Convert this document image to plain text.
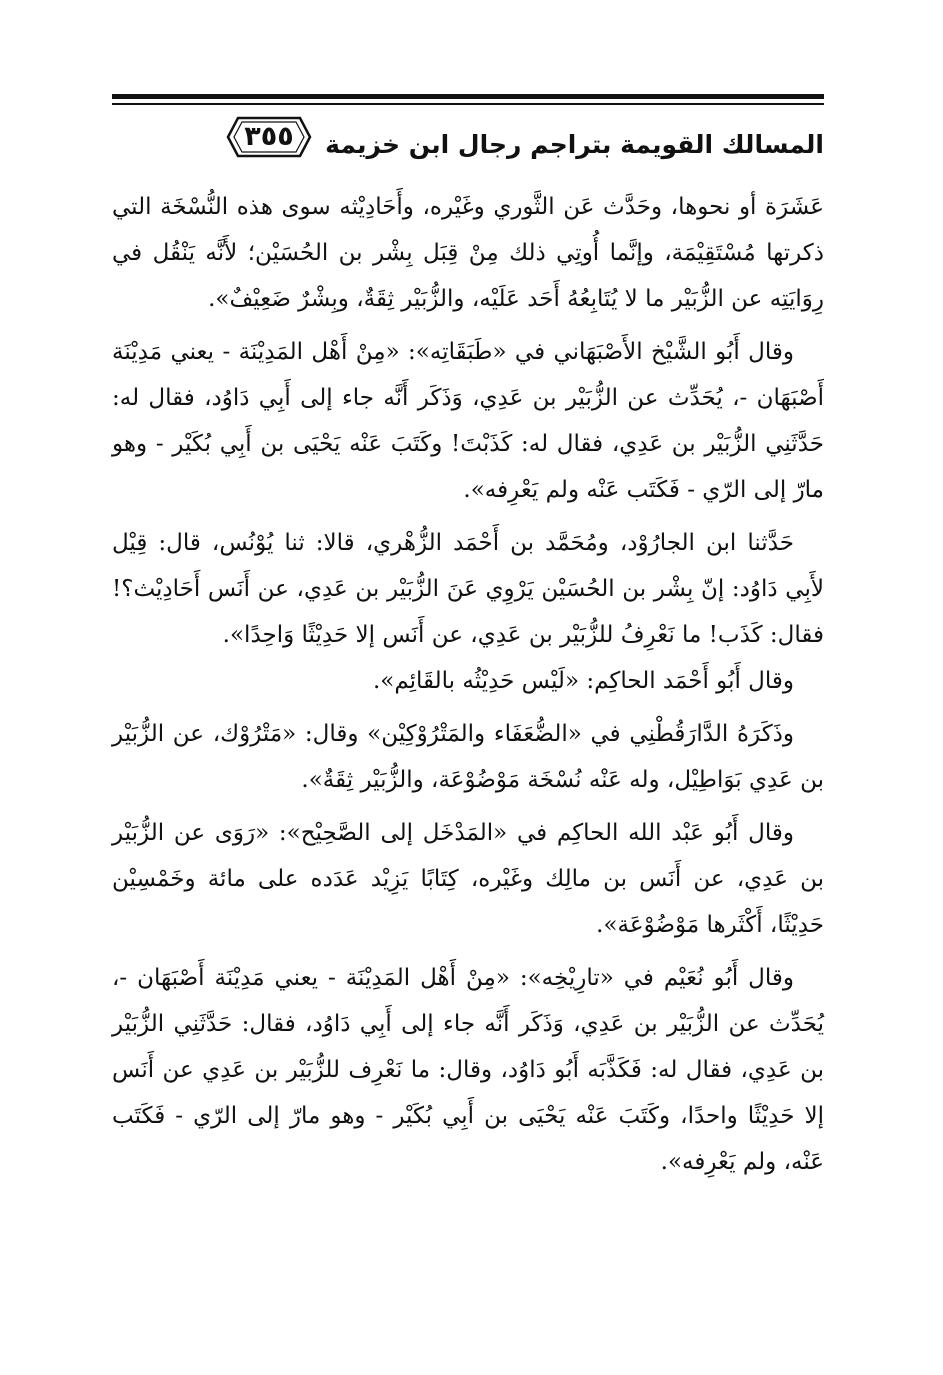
٣٥٥	المسالك القويمة بتراجم رجال ابن خزيمة

عَشَرَة أو نحوها، وحَدَّث عَن الثَّوري وغَيْره، وأَحَادِيْثه سوى هذه النُّسْخَة التي ذكرتها مُسْتَقِيْمَة، وإنَّما أُوتِي ذلك مِنْ قِبَل بِشْر بن الحُسَيْن؛ لأَنَّه يَنْقُل في رِوَايَتِه عن الزُّبَيْر ما لا يُتَابِعُهُ أَحَد عَلَيْه، والزُّبَيْر ثِقَةٌ، وبِشْرٌ ضَعِيْفٌ».

وقال أَبُو الشَّيْخ الأَصْبَهَاني في «طَبَقَاتِه»: «مِنْ أَهْل المَدِيْنَة - يعني مَدِيْنَة أَصْبَهَان -، يُحَدِّث عن الزُّبَيْر بن عَدِي، وَذَكَر أَنَّه جاء إلى أَبِي دَاوُد، فقال له: حَدَّثَنِي الزُّبَيْر بن عَدِي، فقال له: كَذَبْتَ! وكَتَبَ عَنْه يَحْيَى بن أَبِي بُكَيْر - وهو مارّ إلى الرّي - فَكَتَب عَنْه ولم يَعْرِفه».

حَدَّثنا ابن الجارُوْد، ومُحَمَّد بن أَحْمَد الزُّهْري، قالا: ثنا يُوْنُس، قال: قِيْل لأَبِي دَاوُد: إنّ بِشْر بن الحُسَيْن يَرْوِي عَنَ الزُّبَيْر بن عَدِي، عن أَنَس أَحَادِيْث؟! فقال: كَذَب! ما نَعْرِفُ للزُّبَيْر بن عَدِي، عن أَنَس إلا حَدِيْثًا وَاحِدًا».

وقال أَبُو أَحْمَد الحاكِم: «لَيْس حَدِيْثُه بالقَائِم».

وذَكَرَهُ الدَّارَقُطْنِي في «الضُّعَفَاء والمَتْرُوْكِيْن» وقال: «مَتْرُوْك، عن الزُّبَيْر بن عَدِي بَوَاطِيْل، وله عَنْه نُسْخَة مَوْضُوْعَة، والزُّبَيْر ثِقَةٌ».

وقال أَبُو عَبْد الله الحاكِم في «المَدْخَل إلى الصَّحِيْح»: «رَوَى عن الزُّبَيْر بن عَدِي، عن أَنَس بن مالِك وغَيْره، كِتَابًا يَزِيْد عَدَده على مائة وخَمْسِيْن حَدِيْثًا، أَكْثَرها مَوْضُوْعَة».

وقال أَبُو نُعَيْم في «تارِيْخِه»: «مِنْ أَهْل المَدِيْنَة - يعني مَدِيْنَة أَصْبَهَان -، يُحَدِّث عن الزُّبَيْر بن عَدِي، وَذَكَر أَنَّه جاء إلى أَبِي دَاوُد، فقال: حَدَّثَنِي الزُّبَيْر بن عَدِي، فقال له: فَكَذَّبَه أَبُو دَاوُد، وقال: ما نَعْرِف للزُّبَيْر بن عَدِي عن أَنَس إلا حَدِيْثًا واحدًا، وكَتَبَ عَنْه يَحْيَى بن أَبِي بُكَيْر - وهو مارّ إلى الرّي - فَكَتَب عَنْه، ولم يَعْرِفه».
